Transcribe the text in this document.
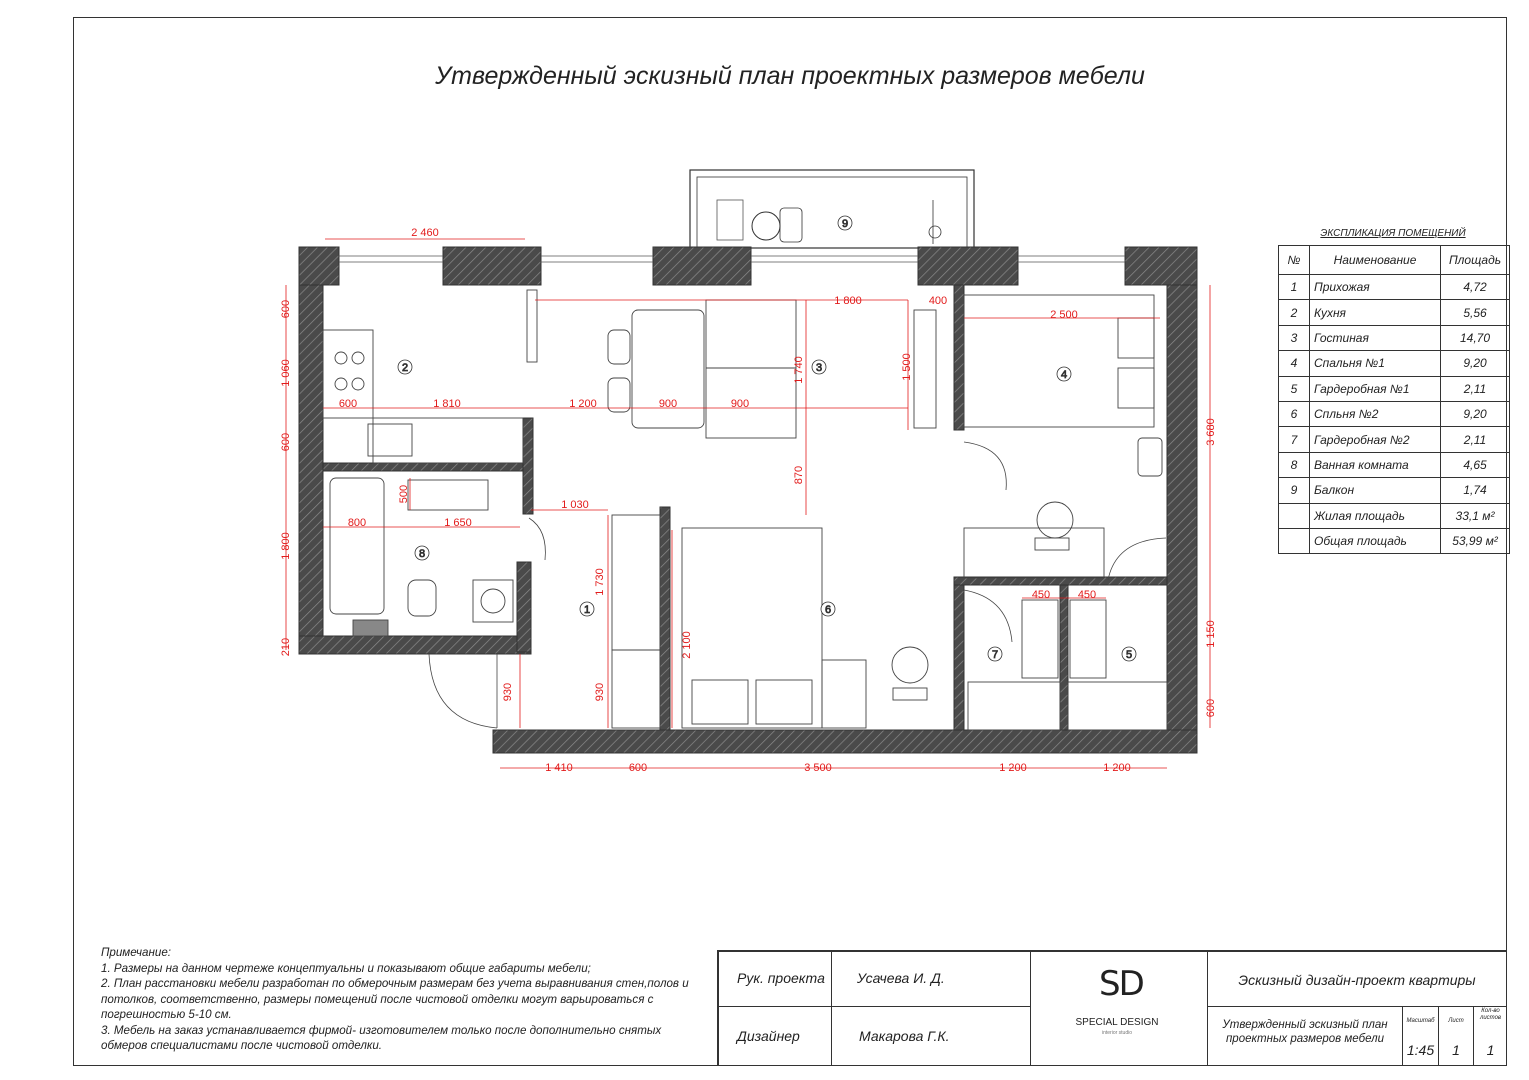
Утвержденный эскизный план проектных размеров мебели
2 460
1 800	400
2 500
600
1 060
600
1 800
210
600	1 810	1 200	900	900
1 740
870
1 500
500
800	1 650
1 030
1 730
930	930
2 100
450	450
3 680
1 150
600
1 410	600	3 500	1 200	1 200
1
2	3
4
5
6
7
8
9
ЭКСПЛИКАЦИЯ ПОМЕЩЕНИЙ
№	Наименование	Площадь
1	Прихожая	4,72
2	Кухня	5,56
3	Гостиная	14,70
4	Спальня №1	9,20
5	Гардеробная №1	2,11
6	Спльня №2	9,20
7	Гардеробная №2	2,11
8	Ванная комната	4,65
9	Балкон	1,74
	Жилая площадь	33,1 м²
	Общая площадь	53,99 м²
Примечание:
1. Размеры на данном чертеже концептуальны и показывают общие габариты мебели;
2. План расстановки мебели разработан по обмерочным размерам без учета выравнивания стен,полов и потолков, соответственно, размеры помещений после чистовой отделки могут варьироваться с погрешностью 5-10 см.
3. Мебель на заказ устанавливается фирмой- изготовителем только после дополнительно снятых обмеров специалистами после чистовой отделки.
Рук. проекта Усачева И. Д.
Дизайнер	Макарова Г.К.
SD
SPECIAL DESIGN
interior studio
Эскизный дизайн-проект квартиры
Утвержденный эскизный план проектных размеров мебели
Масштаб	Лист
Кол-во листов
1:45	1	1
